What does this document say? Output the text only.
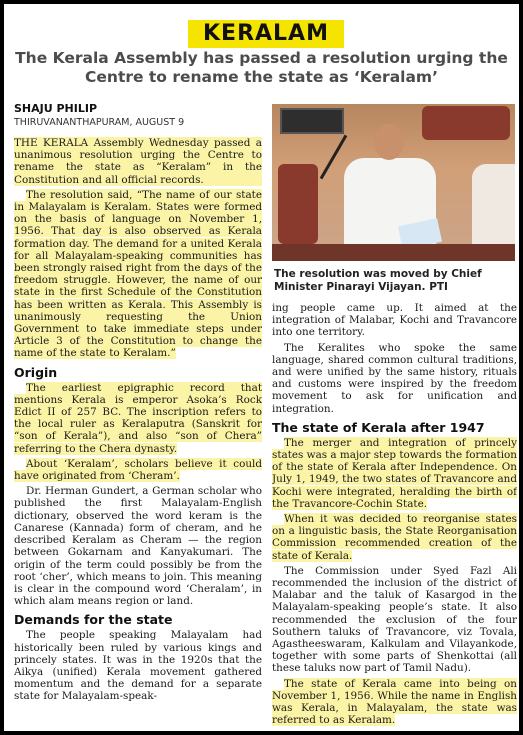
KERALAM
The Kerala Assembly has passed a resolution urging the Centre to rename the state as ‘Keralam’
SHAJU PHILIP
THIRUVANANTHAPURAM, AUGUST 9

THE KERALA Assembly Wednesday passed a unanimous resolution urging the Centre to rename the state as “Keralam” in the Constitution and all official records.

The resolution said, “The name of our state in Malayalam is Keralam. States were formed on the basis of language on November 1, 1956. That day is also observed as Kerala formation day. The demand for a united Kerala for all Malayalam-speaking communities has been strongly raised right from the days of the freedom struggle. However, the name of our state in the first Schedule of the Constitution has been written as Kerala. This Assembly is unanimously requesting the Union Government to take immediate steps under Article 3 of the Constitution to change the name of the state to Keralam.”

Origin

The earliest epigraphic record that mentions Kerala is emperor Asoka’s Rock Edict II of 257 BC. The inscription refers to the local ruler as Keralaputra (Sanskrit for “son of Kerala”), and also “son of Chera” referring to the Chera dynasty.

About ‘Keralam’, scholars believe it could have originated from ‘Cheram’.

Dr. Herman Gundert, a German scholar who published the first Malayalam-English dictionary, observed the word keram is the Canarese (Kannada) form of cheram, and he described Keralam as Cheram — the region between Gokarnam and Kanyakumari. The origin of the term could possibly be from the root ‘cher’, which means to join. This meaning is clear in the compound word ‘Cheralam’, in which alam means region or land.

Demands for the state

The people speaking Malayalam had historically been ruled by various kings and princely states. It was in the 1920s that the Aikya (unified) Kerala movement gathered momentum and the demand for a separate state for Malayalam-speak-

The resolution was moved by Chief Minister Pinarayi Vijayan. PTI

ing people came up. It aimed at the integration of Malabar, Kochi and Travancore into one territory.

The Keralites who spoke the same language, shared common cultural traditions, and were unified by the same history, rituals and customs were inspired by the freedom movement to ask for unification and integration.

The state of Kerala after 1947

The merger and integration of princely states was a major step towards the formation of the state of Kerala after Independence. On July 1, 1949, the two states of Travancore and Kochi were integrated, heralding the birth of the Travancore-Cochin State.

When it was decided to reorganise states on a linguistic basis, the State Reorganisation Commission recommended creation of the state of Kerala.

The Commission under Syed Fazl Ali recommended the inclusion of the district of Malabar and the taluk of Kasargod in the Malayalam-speaking people’s state. It also recommended the exclusion of the four Southern taluks of Travancore, viz Tovala, Agastheeswaram, Kalkulam and Vilayankode, together with some parts of Shenkottai (all these taluks now part of Tamil Nadu).

The state of Kerala came into being on November 1, 1956. While the name in English was Kerala, in Malayalam, the state was referred to as Keralam.
